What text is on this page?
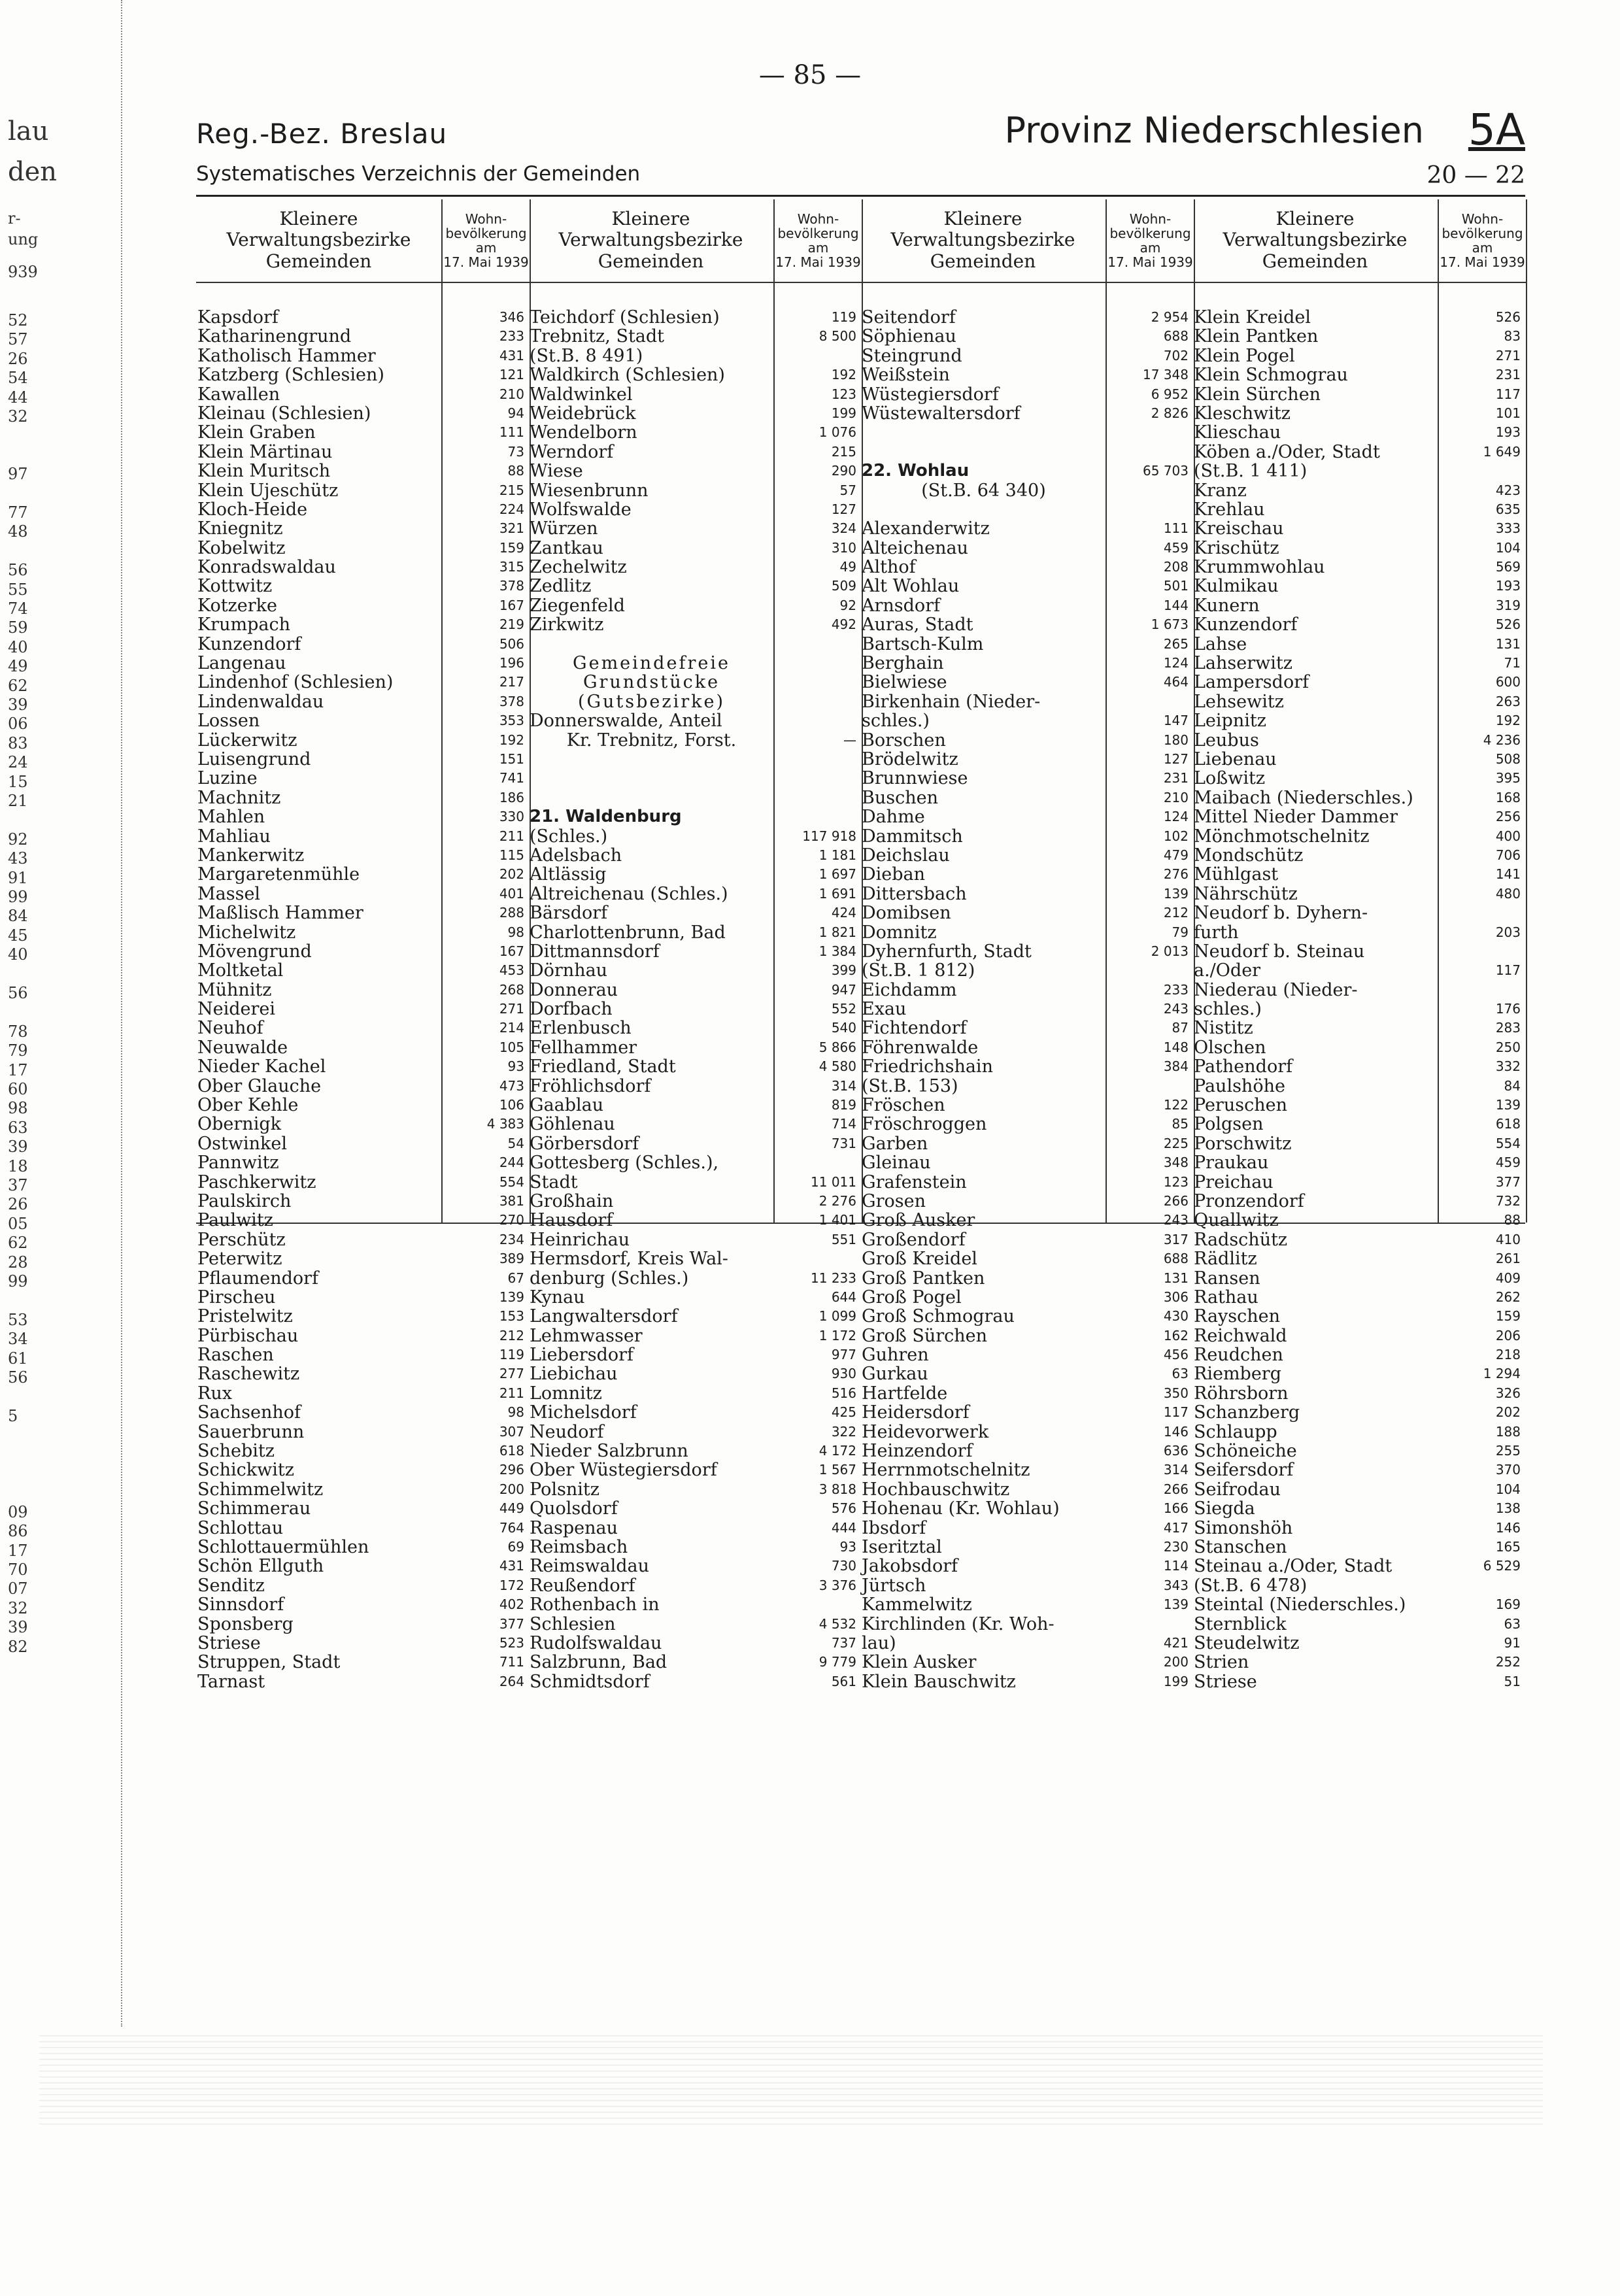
lau
den
r-
ung
939
52
57
26
54
44
32
97
77
48
56
55
74
59
40
49
62
39
06
83
24
15
21
92
43
91
99
84
45
40
56
78
79
17
60
98
63
39
18
37
26
05
62
28
99
53
34
61
56
5
09
86
17
70
07
32
39
82
— 85 —
Reg.-Bez. Breslau
Systematisches Verzeichnis der Gemeinden
Provinz Niederschlesien 5A
20 — 22
Kleinere
Verwaltungsbezirke
Gemeinden
Kapsdorf
Katharinengrund
Katholisch Hammer
Katzberg (Schlesien)
Kawallen
Kleinau (Schlesien)
Klein Graben
Klein Märtinau
Klein Muritsch
Klein Ujeschütz
Kloch-Heide
Kniegnitz
Kobelwitz
Konradswaldau
Kottwitz
Kotzerke
Krumpach
Kunzendorf
Langenau
Lindenhof (Schlesien)
Lindenwaldau
Lossen
Lückerwitz
Luisengrund
Luzine
Machnitz
Mahlen
Mahliau
Mankerwitz
Margaretenmühle
Massel
Maßlisch Hammer
Michelwitz
Mövengrund
Moltketal
Mühnitz
Neiderei
Neuhof
Neuwalde
Nieder Kachel
Ober Glauche
Ober Kehle
Obernigk
Ostwinkel
Pannwitz
Paschkerwitz
Paulskirch
Paulwitz
Perschütz
Peterwitz
Pflaumendorf
Pirscheu
Pristelwitz
Pürbischau
Raschen
Raschewitz
Rux
Sachsenhof
Sauerbrunn
Schebitz
Schickwitz
Schimmelwitz
Schimmerau
Schlottau
Schlottauermühlen
Schön Ellguth
Senditz
Sinnsdorf
Sponsberg
Striese
Struppen, Stadt
Tarnast
Wohn-
bevölkerung
am
17. Mai 1939
346
233
431
121
210
94
111
73
88
215
224
321
159
315
378
167
219
506
196
217
378
353
192
151
741
186
330
211
115
202
401
288
98
167
453
268
271
214
105
93
473
106
4 383
54
244
554
381
270
234
389
67
139
153
212
119
277
211
98
307
618
296
200
449
764
69
431
172
402
377
523
711
264
Kleinere
Verwaltungsbezirke
Gemeinden
Teichdorf (Schlesien)
Trebnitz, Stadt
(St.B. 8 491)
Waldkirch (Schlesien)
Waldwinkel
Weidebrück
Wendelborn
Werndorf
Wiese
Wiesenbrunn
Wolfswalde
Würzen
Zantkau
Zechelwitz
Zedlitz
Ziegenfeld
Zirkwitz
Gemeindefreie
Grundstücke
(Gutsbezirke)
Donnerswalde, Anteil
Kr. Trebnitz, Forst.
21. Waldenburg
(Schles.)
Adelsbach
Altlässig
Altreichenau (Schles.)
Bärsdorf
Charlottenbrunn, Bad
Dittmannsdorf
Dörnhau
Donnerau
Dorfbach
Erlenbusch
Fellhammer
Friedland, Stadt
Fröhlichsdorf
Gaablau
Göhlenau
Görbersdorf
Gottesberg (Schles.),
Stadt
Großhain
Hausdorf
Heinrichau
Hermsdorf, Kreis Wal-
denburg (Schles.)
Kynau
Langwaltersdorf
Lehmwasser
Liebersdorf
Liebichau
Lomnitz
Michelsdorf
Neudorf
Nieder Salzbrunn
Ober Wüstegiersdorf
Polsnitz
Quolsdorf
Raspenau
Reimsbach
Reimswaldau
Reußendorf
Rothenbach in
Schlesien
Rudolfswaldau
Salzbrunn, Bad
Schmidtsdorf
Wohn-
bevölkerung
am
17. Mai 1939
119
8 500
192
123
199
1 076
215
290
57
127
324
310
49
509
92
492
—
117 918
1 181
1 697
1 691
424
1 821
1 384
399
947
552
540
5 866
4 580
314
819
714
731
11 011
2 276
1 401
551
11 233
644
1 099
1 172
977
930
516
425
322
4 172
1 567
3 818
576
444
93
730
3 376
4 532
737
9 779
561
Kleinere
Verwaltungsbezirke
Gemeinden
Seitendorf
Söphienau
Steingrund
Weißstein
Wüstegiersdorf
Wüstewaltersdorf
22. Wohlau
(St.B. 64 340)
Alexanderwitz
Alteichenau
Althof
Alt Wohlau
Arnsdorf
Auras, Stadt
Bartsch-Kulm
Berghain
Bielwiese
Birkenhain (Nieder-
schles.)
Borschen
Brödelwitz
Brunnwiese
Buschen
Dahme
Dammitsch
Deichslau
Dieban
Dittersbach
Domibsen
Domnitz
Dyhernfurth, Stadt
(St.B. 1 812)
Eichdamm
Exau
Fichtendorf
Föhrenwalde
Friedrichshain
(St.B. 153)
Fröschen
Fröschroggen
Garben
Gleinau
Grafenstein
Grosen
Groß Ausker
Großendorf
Groß Kreidel
Groß Pantken
Groß Pogel
Groß Schmograu
Groß Sürchen
Guhren
Gurkau
Hartfelde
Heidersdorf
Heidevorwerk
Heinzendorf
Herrnmotschelnitz
Hochbauschwitz
Hohenau (Kr. Wohlau)
Ibsdorf
Iseritztal
Jakobsdorf
Jürtsch
Kammelwitz
Kirchlinden (Kr. Woh-
lau)
Klein Ausker
Klein Bauschwitz
Wohn-
bevölkerung
am
17. Mai 1939
2 954
688
702
17 348
6 952
2 826
65 703
111
459
208
501
144
1 673
265
124
464
147
180
127
231
210
124
102
479
276
139
212
79
2 013
233
243
87
148
384
122
85
225
348
123
266
243
317
688
131
306
430
162
456
63
350
117
146
636
314
266
166
417
230
114
343
139
421
200
199
Kleinere
Verwaltungsbezirke
Gemeinden
Klein Kreidel
Klein Pantken
Klein Pogel
Klein Schmograu
Klein Sürchen
Kleschwitz
Klieschau
Köben a./Oder, Stadt
(St.B. 1 411)
Kranz
Krehlau
Kreischau
Krischütz
Krummwohlau
Kulmikau
Kunern
Kunzendorf
Lahse
Lahserwitz
Lampersdorf
Lehsewitz
Leipnitz
Leubus
Liebenau
Loßwitz
Maibach (Niederschles.)
Mittel Nieder Dammer
Mönchmotschelnitz
Mondschütz
Mühlgast
Nährschütz
Neudorf b. Dyhern-
furth
Neudorf b. Steinau
a./Oder
Niederau (Nieder-
schles.)
Nistitz
Olschen
Pathendorf
Paulshöhe
Peruschen
Polgsen
Porschwitz
Praukau
Preichau
Pronzendorf
Quallwitz
Radschütz
Rädlitz
Ransen
Rathau
Rayschen
Reichwald
Reudchen
Riemberg
Röhrsborn
Schanzberg
Schlaupp
Schöneiche
Seifersdorf
Seifrodau
Siegda
Simonshöh
Stanschen
Steinau a./Oder, Stadt
(St.B. 6 478)
Steintal (Niederschles.)
Sternblick
Steudelwitz
Strien
Striese
Wohn-
bevölkerung
am
17. Mai 1939
526
83
271
231
117
101
193
1 649
423
635
333
104
569
193
319
526
131
71
600
263
192
4 236
508
395
168
256
400
706
141
480
203
117
176
283
250
332
84
139
618
554
459
377
732
88
410
261
409
262
159
206
218
1 294
326
202
188
255
370
104
138
146
165
6 529
169
63
91
252
51
